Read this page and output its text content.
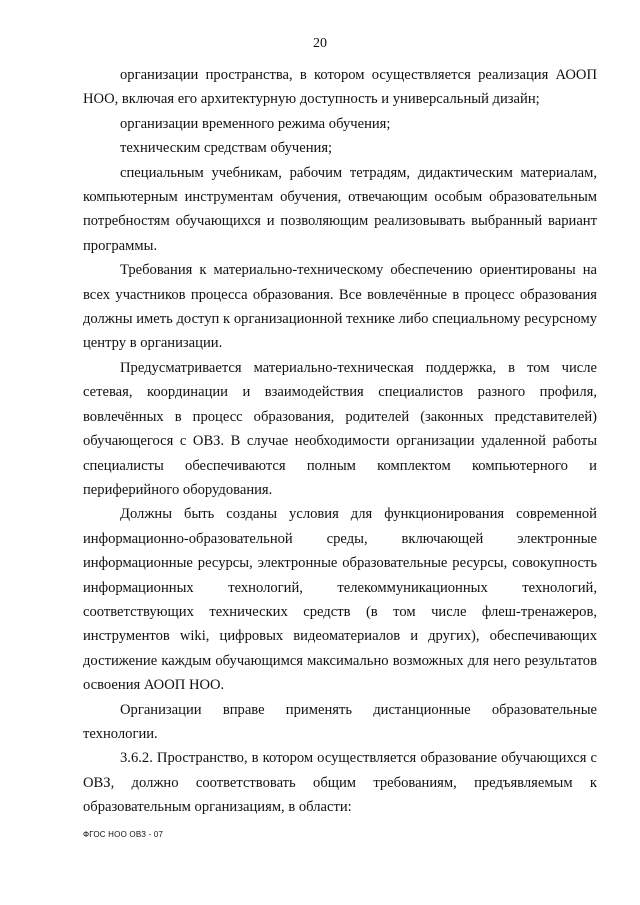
20

организации пространства, в котором осуществляется реализация АООП НОО, включая его архитектурную доступность и универсальный дизайн;

организации временного режима обучения;

техническим средствам обучения;

специальным учебникам, рабочим тетрадям, дидактическим материалам, компьютерным инструментам обучения, отвечающим особым образовательным потребностям обучающихся и позволяющим реализовывать выбранный вариант программы.

Требования к материально-техническому обеспечению ориентированы на всех участников процесса образования. Все вовлечённые в процесс образования должны иметь доступ к организационной технике либо специальному ресурсному центру в организации.

Предусматривается материально-техническая поддержка, в том числе сетевая, координации и взаимодействия специалистов разного профиля, вовлечённых в процесс образования, родителей (законных представителей) обучающегося с ОВЗ. В случае необходимости организации удаленной работы специалисты обеспечиваются полным комплектом компьютерного и периферийного оборудования.

Должны быть созданы условия для функционирования современной информационно-образовательной среды, включающей электронные информационные ресурсы, электронные образовательные ресурсы, совокупность информационных технологий, телекоммуникационных технологий, соответствующих технических средств (в том числе флеш-тренажеров, инструментов wiki, цифровых видеоматериалов и других), обеспечивающих достижение каждым обучающимся максимально возможных для него результатов освоения АООП НОО.

Организации вправе применять дистанционные образовательные технологии.

3.6.2. Пространство, в котором осуществляется образование обучающихся с ОВЗ, должно соответствовать общим требованиям, предъявляемым к образовательным организациям, в области:

ФГОС НОО ОВЗ - 07
